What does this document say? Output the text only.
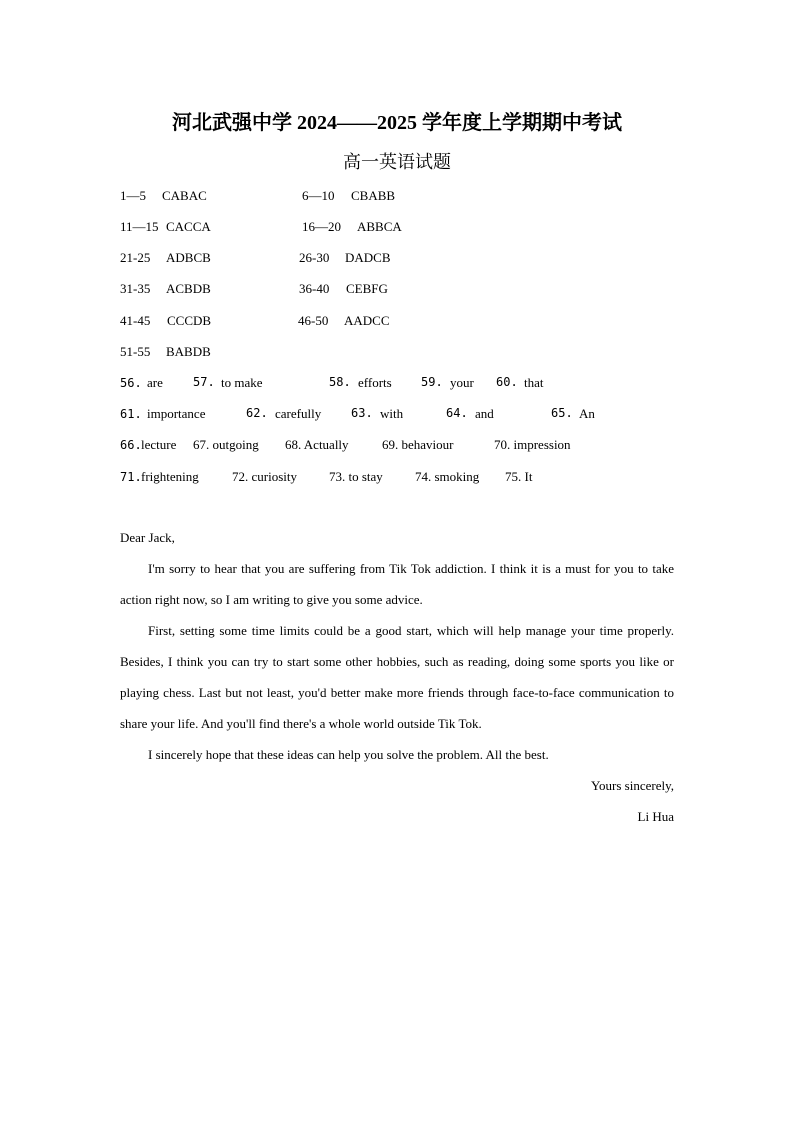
河北武强中学 2024——2025 学年度上学期期中考试
高一英语试题
1—5 CABAC	6—10 CBABB
11—15 CACCA	16—20 ABBCA
21-25 ADBCB	26-30 DADCB
31-35 ACBDB	36-40 CEBFG
41-45 CCCDB	46-50 AADCC
51-55 BABDB
56. are	57. to make	58. efforts 59. your 60. that
61. importance	62. carefully 63. with	64. and	65. An
66. lecture 67. outgoing 68. Actually	69. behaviour	70. impression
71. frightening	72. curiosity 73. to stay 74. smoking 75. It

Dear Jack,

I'm sorry to hear that you are suffering from Tik Tok addiction. I think it is a must for you to take action right now, so I am writing to give you some advice.

First, setting some time limits could be a good start, which will help manage your time properly. Besides, I think you can try to start some other hobbies, such as reading, doing some sports you like or playing chess. Last but not least, you'd better make more friends through face-to-face communication to share your life. And you'll find there's a whole world outside Tik Tok.

I sincerely hope that these ideas can help you solve the problem. All the best.

Yours sincerely,

Li Hua
